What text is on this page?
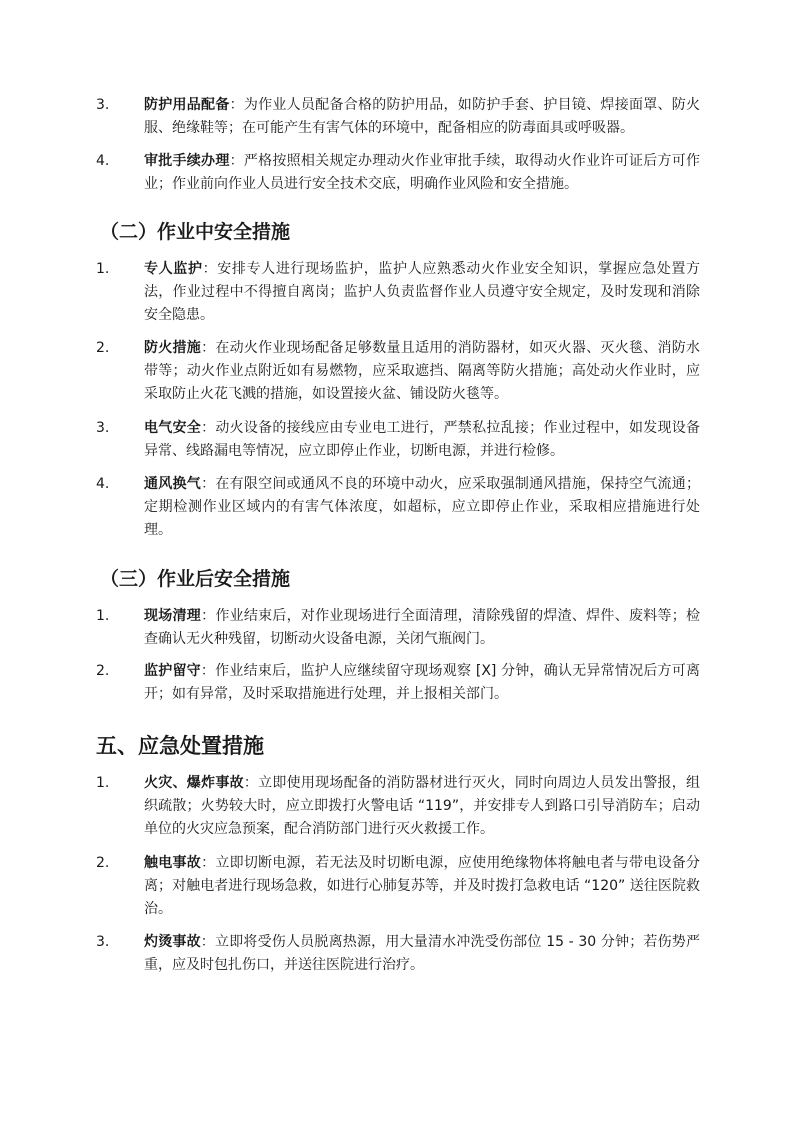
3. 防护用品配备：为作业人员配备合格的防护用品，如防护手套、护目镜、焊接面罩、防火服、绝缘鞋等；在可能产生有害气体的环境中，配备相应的防毒面具或呼吸器。
4. 审批手续办理：严格按照相关规定办理动火作业审批手续，取得动火作业许可证后方可作业；作业前向作业人员进行安全技术交底，明确作业风险和安全措施。
（二）作业中安全措施
1. 专人监护：安排专人进行现场监护，监护人应熟悉动火作业安全知识，掌握应急处置方法，作业过程中不得擅自离岗；监护人负责监督作业人员遵守安全规定，及时发现和消除安全隐患。
2. 防火措施：在动火作业现场配备足够数量且适用的消防器材，如灭火器、灭火毯、消防水带等；动火作业点附近如有易燃物，应采取遮挡、隔离等防火措施；高处动火作业时，应采取防止火花飞溅的措施，如设置接火盆、铺设防火毯等。
3. 电气安全：动火设备的接线应由专业电工进行，严禁私拉乱接；作业过程中，如发现设备异常、线路漏电等情况，应立即停止作业，切断电源，并进行检修。
4. 通风换气：在有限空间或通风不良的环境中动火，应采取强制通风措施，保持空气流通；定期检测作业区域内的有害气体浓度，如超标，应立即停止作业，采取相应措施进行处理。
（三）作业后安全措施
1. 现场清理：作业结束后，对作业现场进行全面清理，清除残留的焊渣、焊件、废料等；检查确认无火种残留，切断动火设备电源，关闭气瓶阀门。
2. 监护留守：作业结束后，监护人应继续留守现场观察 [X] 分钟，确认无异常情况后方可离开；如有异常，及时采取措施进行处理，并上报相关部门。
五、应急处置措施
1. 火灾、爆炸事故：立即使用现场配备的消防器材进行灭火，同时向周边人员发出警报，组织疏散；火势较大时，应立即拨打火警电话 “119”，并安排专人到路口引导消防车；启动单位的火灾应急预案，配合消防部门进行灭火救援工作。
2. 触电事故：立即切断电源，若无法及时切断电源，应使用绝缘物体将触电者与带电设备分离；对触电者进行现场急救，如进行心肺复苏等，并及时拨打急救电话 “120” 送往医院救治。
3. 灼烫事故：立即将受伤人员脱离热源，用大量清水冲洗受伤部位 15 - 30 分钟；若伤势严重，应及时包扎伤口，并送往医院进行治疗。
